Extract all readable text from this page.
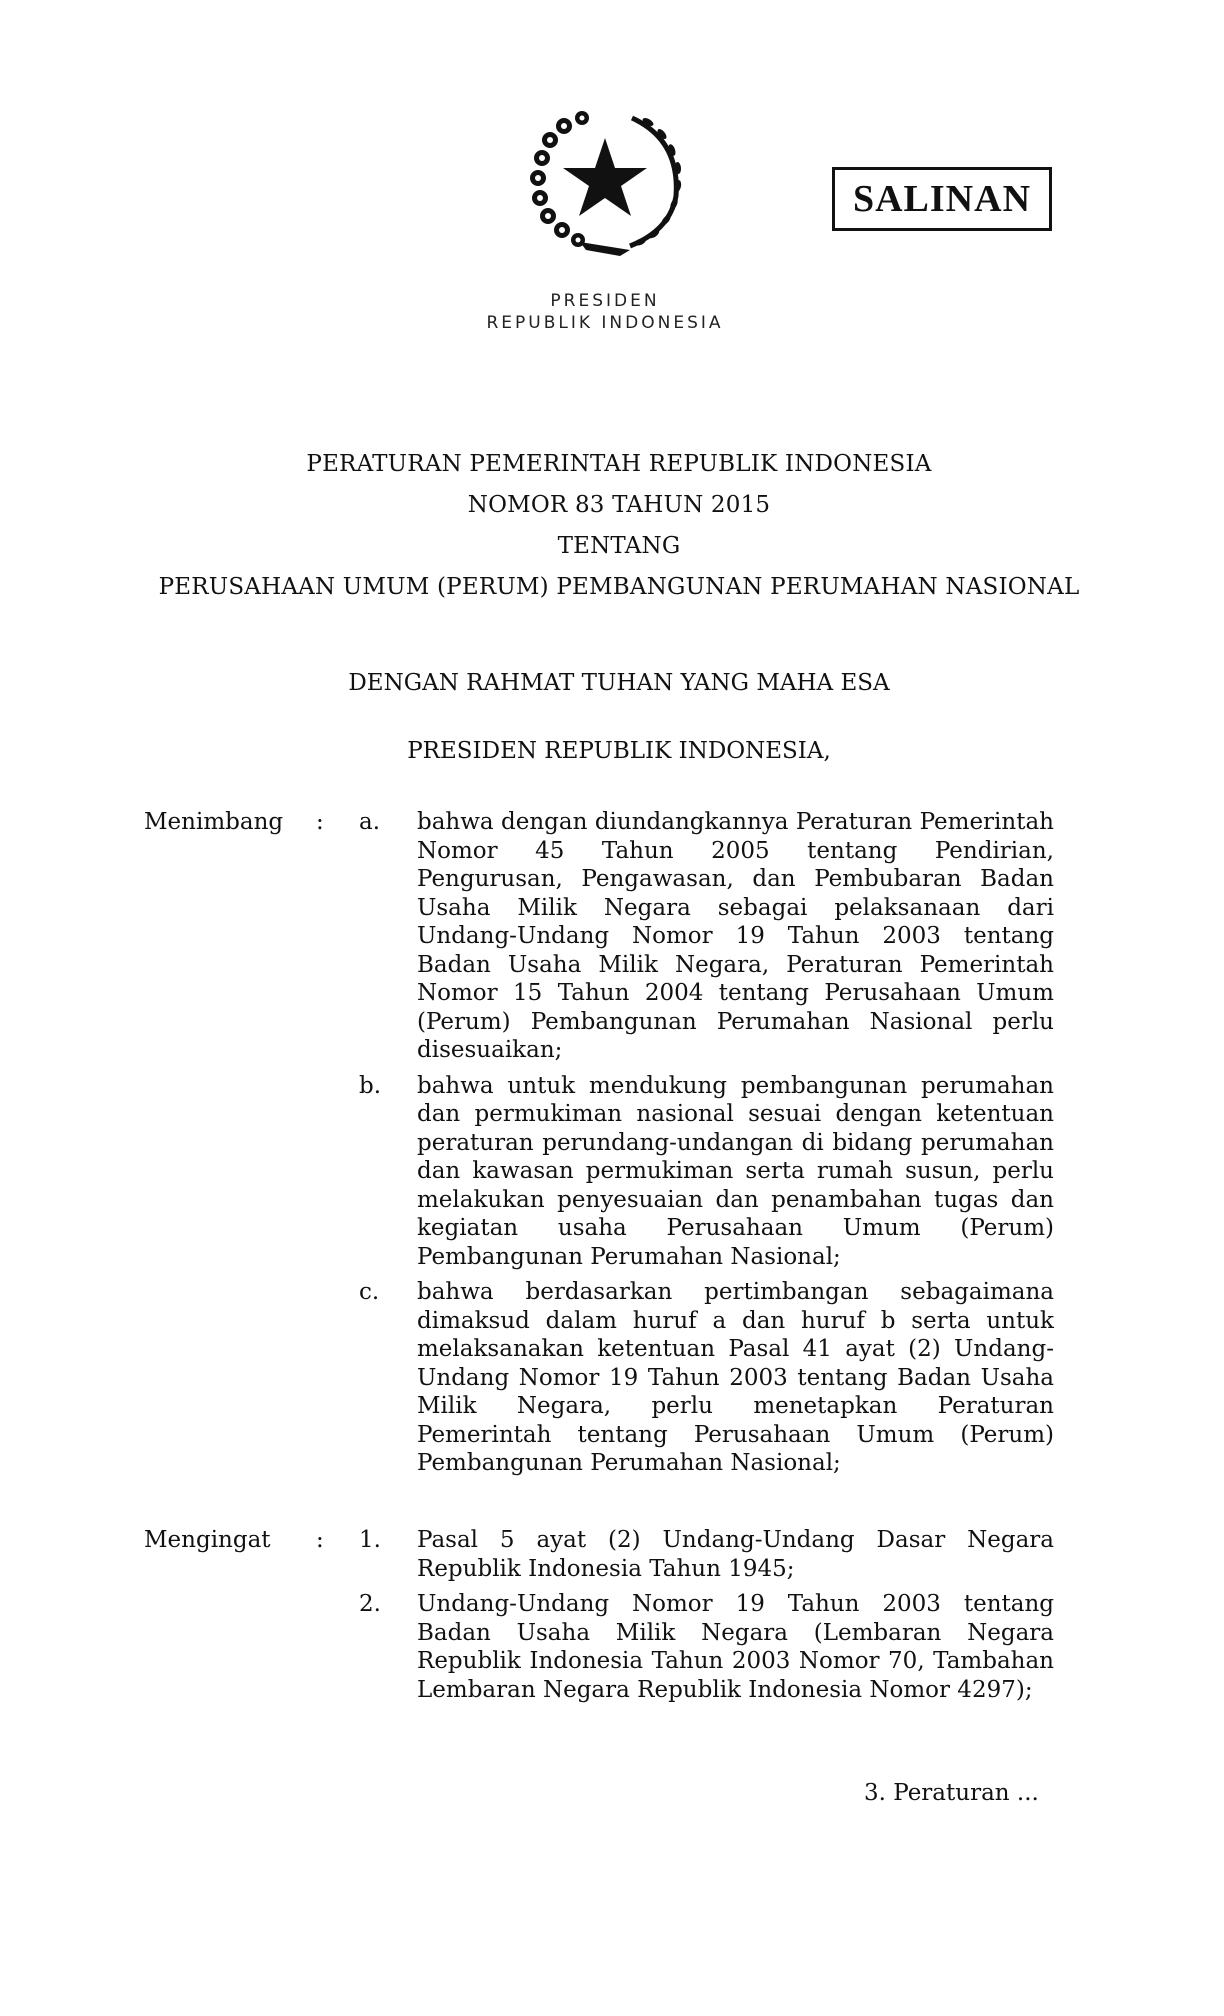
SALINAN
PRESIDEN
REPUBLIK INDONESIA
PERATURAN PEMERINTAH REPUBLIK INDONESIA
NOMOR 83 TAHUN 2015
TENTANG
PERUSAHAAN UMUM (PERUM) PEMBANGUNAN PERUMAHAN NASIONAL
DENGAN RAHMAT TUHAN YANG MAHA ESA
PRESIDEN REPUBLIK INDONESIA,
Menimbang : a. bahwa dengan diundangkannya Peraturan Pemerintah Nomor 45 Tahun 2005 tentang Pendirian, Pengurusan, Pengawasan, dan Pembubaran Badan Usaha Milik Negara sebagai pelaksanaan dari Undang-Undang Nomor 19 Tahun 2003 tentang Badan Usaha Milik Negara, Peraturan Pemerintah Nomor 15 Tahun 2004 tentang Perusahaan Umum (Perum) Pembangunan Perumahan Nasional perlu disesuaikan;
b. bahwa untuk mendukung pembangunan perumahan dan permukiman nasional sesuai dengan ketentuan peraturan perundang-undangan di bidang perumahan dan kawasan permukiman serta rumah susun, perlu melakukan penyesuaian dan penambahan tugas dan kegiatan usaha Perusahaan Umum (Perum) Pembangunan Perumahan Nasional;
c. bahwa berdasarkan pertimbangan sebagaimana dimaksud dalam huruf a dan huruf b serta untuk melaksanakan ketentuan Pasal 41 ayat (2) Undang-Undang Nomor 19 Tahun 2003 tentang Badan Usaha Milik Negara, perlu menetapkan Peraturan Pemerintah tentang Perusahaan Umum (Perum) Pembangunan Perumahan Nasional;
Mengingat : 1. Pasal 5 ayat (2) Undang-Undang Dasar Negara Republik Indonesia Tahun 1945;
2. Undang-Undang Nomor 19 Tahun 2003 tentang Badan Usaha Milik Negara (Lembaran Negara Republik Indonesia Tahun 2003 Nomor 70, Tambahan Lembaran Negara Republik Indonesia Nomor 4297);
3. Peraturan ...
